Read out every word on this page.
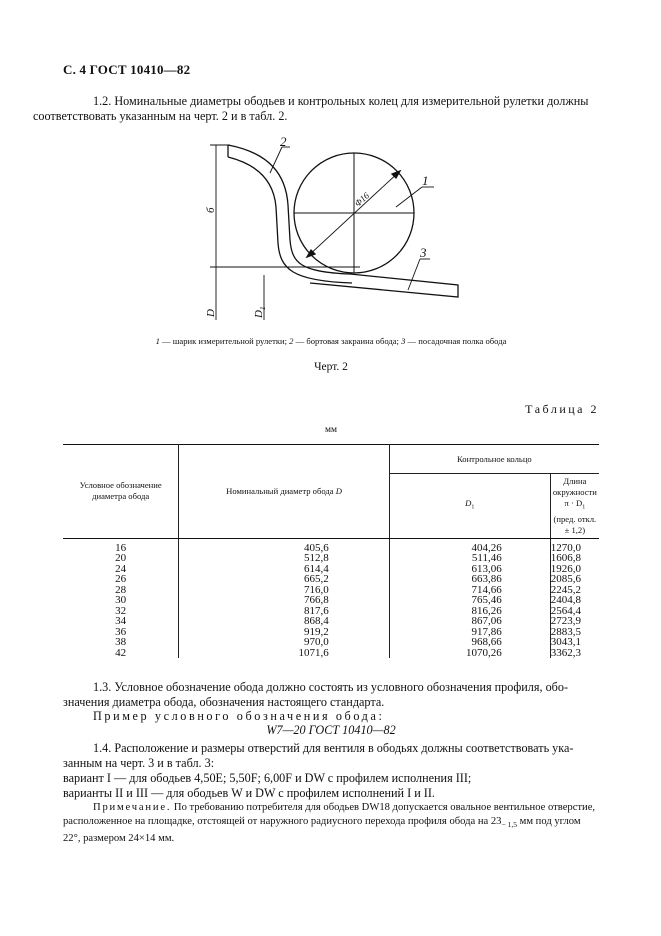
С. 4 ГОСТ 10410—82
1.2. Номинальные диаметры ободьев и контрольных колец для измерительной рулетки должны
соответствовать указанным на черт. 2 и в табл. 2.
1
2
3
б
Φ16
D	$D_1$
1 — шарик измерительной рулетки; 2 — бортовая закраина обода; 3 — посадочная полка обода
Черт. 2
Таблица 2
мм
Условное обозначение диаметра обода	Номинальный диаметр обода D	Контрольное кольцо	
		$D_1$	Длина окружности $\pi \cdot D_1$
(пред. откл. ± 1,2)
16	405,6	404,26	1270,0
20	512,8	511,46	1606,8
24	614,4	613,06	1926,0
26	665,2	663,86	2085,6
28	716,0	714,66	2245,2
30	766,8	765,46	2404,8
32	817,6	816,26	2564,4
34	868,4	867,06	2723,9
36	919,2	917,86	2883,5
38	970,0	968,66	3043,1
42	1071,6	1070,26	3362,3
1.3. Условное обозначение обода должно состоять из условного обозначения профиля, обо-
значения диаметра обода, обозначения настоящего стандарта.
Пример условного обозначения обода:
W7—20 ГОСТ 10410—82
1.4. Расположение и размеры отверстий для вентиля в ободьях должны соответствовать ука-
занным на черт. 3 и в табл. 3:
вариант I — для ободьев 4,50Е; 5,50F; 6,00F и DW с профилем исполнения III;
варианты II и III — для ободьев W и DW с профилем исполнений I и II.
Примечание. По требованию потребителя для ободьев DW18 допускается овальное вентильное отверстие, расположенное на площадке, отстоящей от наружного радиусного перехода профиля обода на $23_{- 1,5}$ мм под углом 22°, размером 24×14 мм.
